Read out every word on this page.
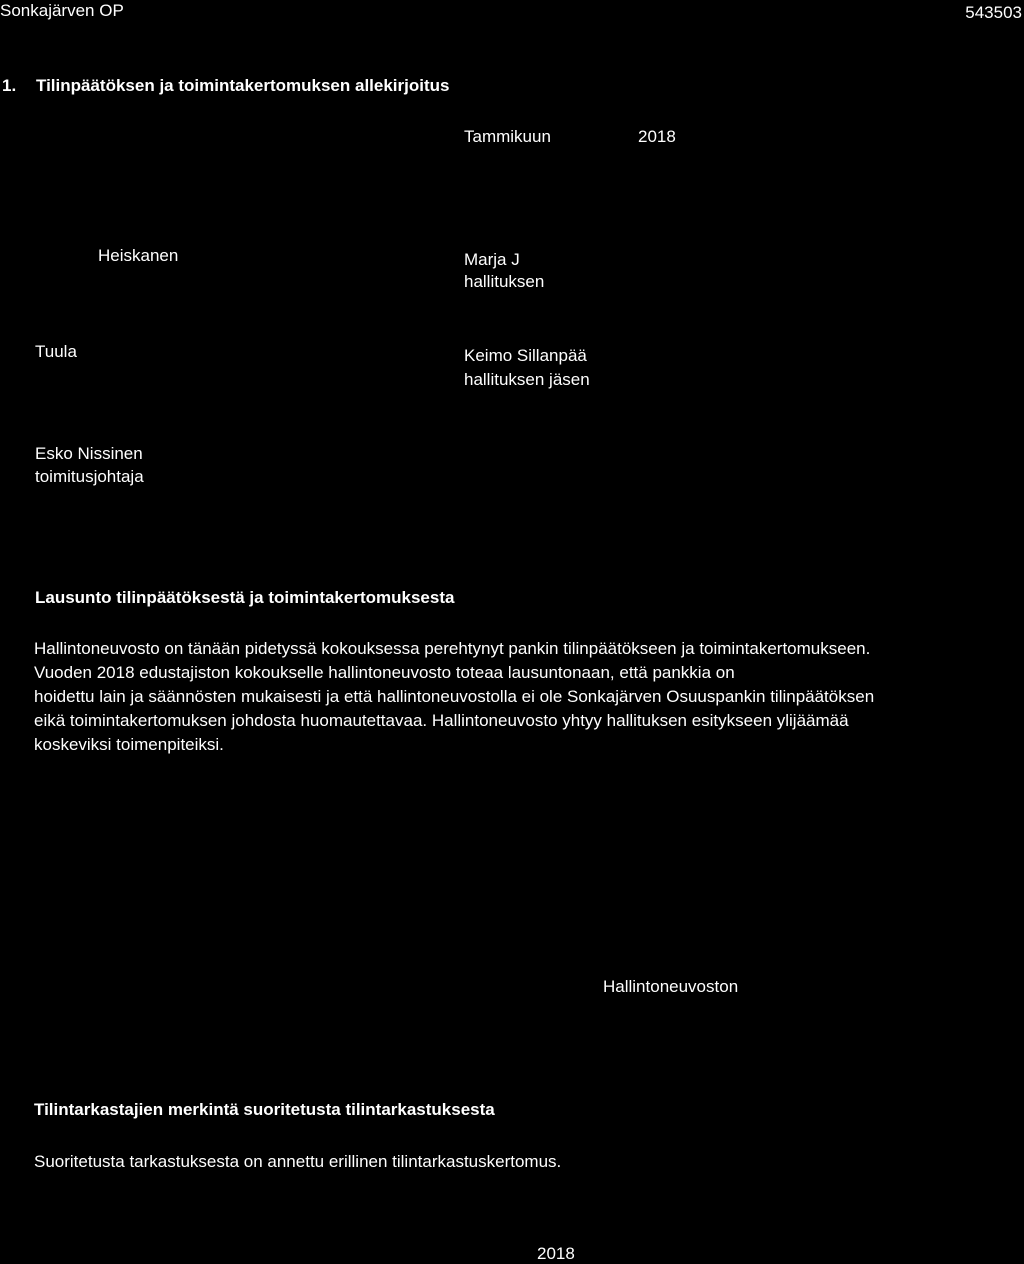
Sonkajärven OP	543503
1. Tilinpäätöksen ja toimintakertomuksen allekirjoitus
Tammikuun	2018
Heiskanen	Marja J
hallituksen
Tuula	Keimo Sillanpää
hallituksen jäsen
Esko Nissinen
toimitusjohtaja
Lausunto tilinpäätöksestä ja toimintakertomuksesta
Hallintoneuvosto on tänään pidetyssä kokouksessa perehtynyt pankin tilinpäätökseen ja toimintakertomukseen.
Vuoden 2018 edustajiston kokoukselle hallintoneuvosto toteaa lausuntonaan, että pankkia on
hoidettu lain ja säännösten mukaisesti ja että hallintoneuvostolla ei ole Sonkajärven Osuuspankin tilinpäätöksen
eikä toimintakertomuksen johdosta huomautettavaa. Hallintoneuvosto yhtyy hallituksen esitykseen ylijäämää
koskeviksi toimenpiteiksi.
Hallintoneuvoston
Tilintarkastajien merkintä suoritetusta tilintarkastuksesta
Suoritetusta tarkastuksesta on annettu erillinen tilintarkastuskertomus.
2018
